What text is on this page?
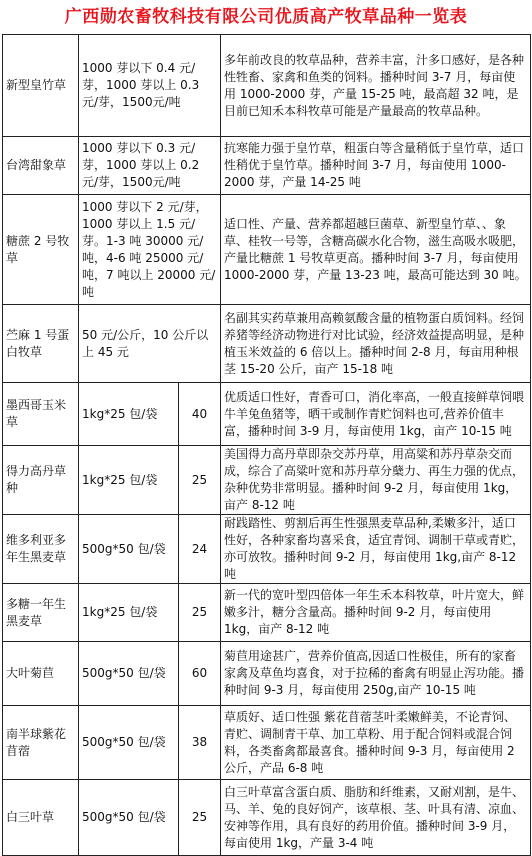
广西勋农畜牧科技有限公司优质高产牧草品种一览表
新型皇竹草	1000 芽以下 0.4 元/芽，1000 芽以上 0.3 元/芽，1500元/吨		多年前改良的牧草品种，营养丰富，汁多口感好，是各种性牲畜、家禽和鱼类的饲料。播种时间 3-7 月，每亩使用 1000-2000 芽，产量 15-25 吨，最高超 32 吨，是目前已知禾本科牧草可能是产量最高的牧草品种。
台湾甜象草	1000 芽以下 0.3 元/芽，1000 芽以上 0.2 元/芽，1500元/吨		抗寒能力强于皇竹草，粗蛋白等含量稍低于皇竹草，适口性稍优于皇竹草。播种时间 3-7 月，每亩使用 1000-2000 芽，产量 14-25 吨
糖蔗 2 号牧草	1000 芽以下 2 元/芽，1000 芽以上 1.5 元/芽。1-3 吨 30000 元/吨，4-6 吨 25000 元/吨，7 吨以上 20000 元/吨		适口性、产量、营养都超越巨菌草、新型皇竹草、、象草、桂牧一号等，含糖高碳水化合物，滋生高吸水吸肥，产量比糖蔗 1 号牧草更高。播种时间 3-7 月，每亩使用 1000-2000 芽，产量 13-23 吨，最高可能达到 30 吨。
苎麻 1 号蛋白牧草	50 元/公斤，10 公斤以上 45 元		名副其实药草兼用高赖氨酸含量的植物蛋白质饲料。经饲养猪等经济动物进行对比试验，经济效益提高明显，是种植玉米效益的 6 倍以上。播种时间 2-8 月，每亩用种根茎 15-20 公斤，亩产 15-18 吨
墨西哥玉米草	1kg*25 包/袋	40	优质适口性好，青香可口，消化率高，一般直接鲜草饲喂牛羊兔鱼猪等，晒干或制作青贮饲料也可,营养价值丰富，播种时间 3-9 月，每亩使用 1kg，亩产 10-15 吨
得力高丹草种	1kg*25 包/袋	25	美国得力高丹草即杂交苏丹草，用高粱和苏丹草杂交而成，综合了高粱叶宽和苏丹草分蘖力、再生力强的优点，杂种优势非常明显。播种时间 9-2 月，每亩使用 1kg，亩产 8-12 吨
维多利亚多年生黑麦草	500g*50 包/袋	24	耐践踏性、剪割后再生性强黑麦草品种,柔嫩多汁，适口性好，各种家畜均喜采食，适宜青饲、调制干草或青贮，亦可放牧。播种时间 9-2 月，每亩使用 1kg,亩产 8-12 吨
多糖一年生黑麦草	1kg*25 包/袋	25	新一代的宽叶型四倍体一年生禾本科牧草，叶片宽大，鲜嫩多汁，糖分含量高。播种时间 9-2 月，每亩使用 1kg，亩产 8-12 吨
大叶菊苣	500g*50 包/袋	60	菊苣用途甚广，营养价值高,因适口性极佳，所有的家畜家禽及草鱼均喜食，对于拉稀的畜禽有明显止泻功能。播种时间 9-3 月，每亩使用 250g,亩产 10-15 吨
南半球紫花苜蓿	500g*50 包/袋	38	草质好、适口性强 紫花苜蓿茎叶柔嫩鲜美，不论青饲、青贮、调制青干草、加工草粉、用于配合饲料或混合饲料，各类畜禽都最喜食。播种时间 9-3 月，每亩使用 2 公斤，产品 6-8 吨
白三叶草	500g*50 包/袋	25	白三叶草富含蛋白质、脂肪和纤维素，又耐刈割，是牛、马、羊、兔的良好饲产，该草根、茎、叶具有清、凉血、安神等作用，具有良好的药用价值。播种时间 3-9 月，每亩使用 1kg，产量 3-4 吨
